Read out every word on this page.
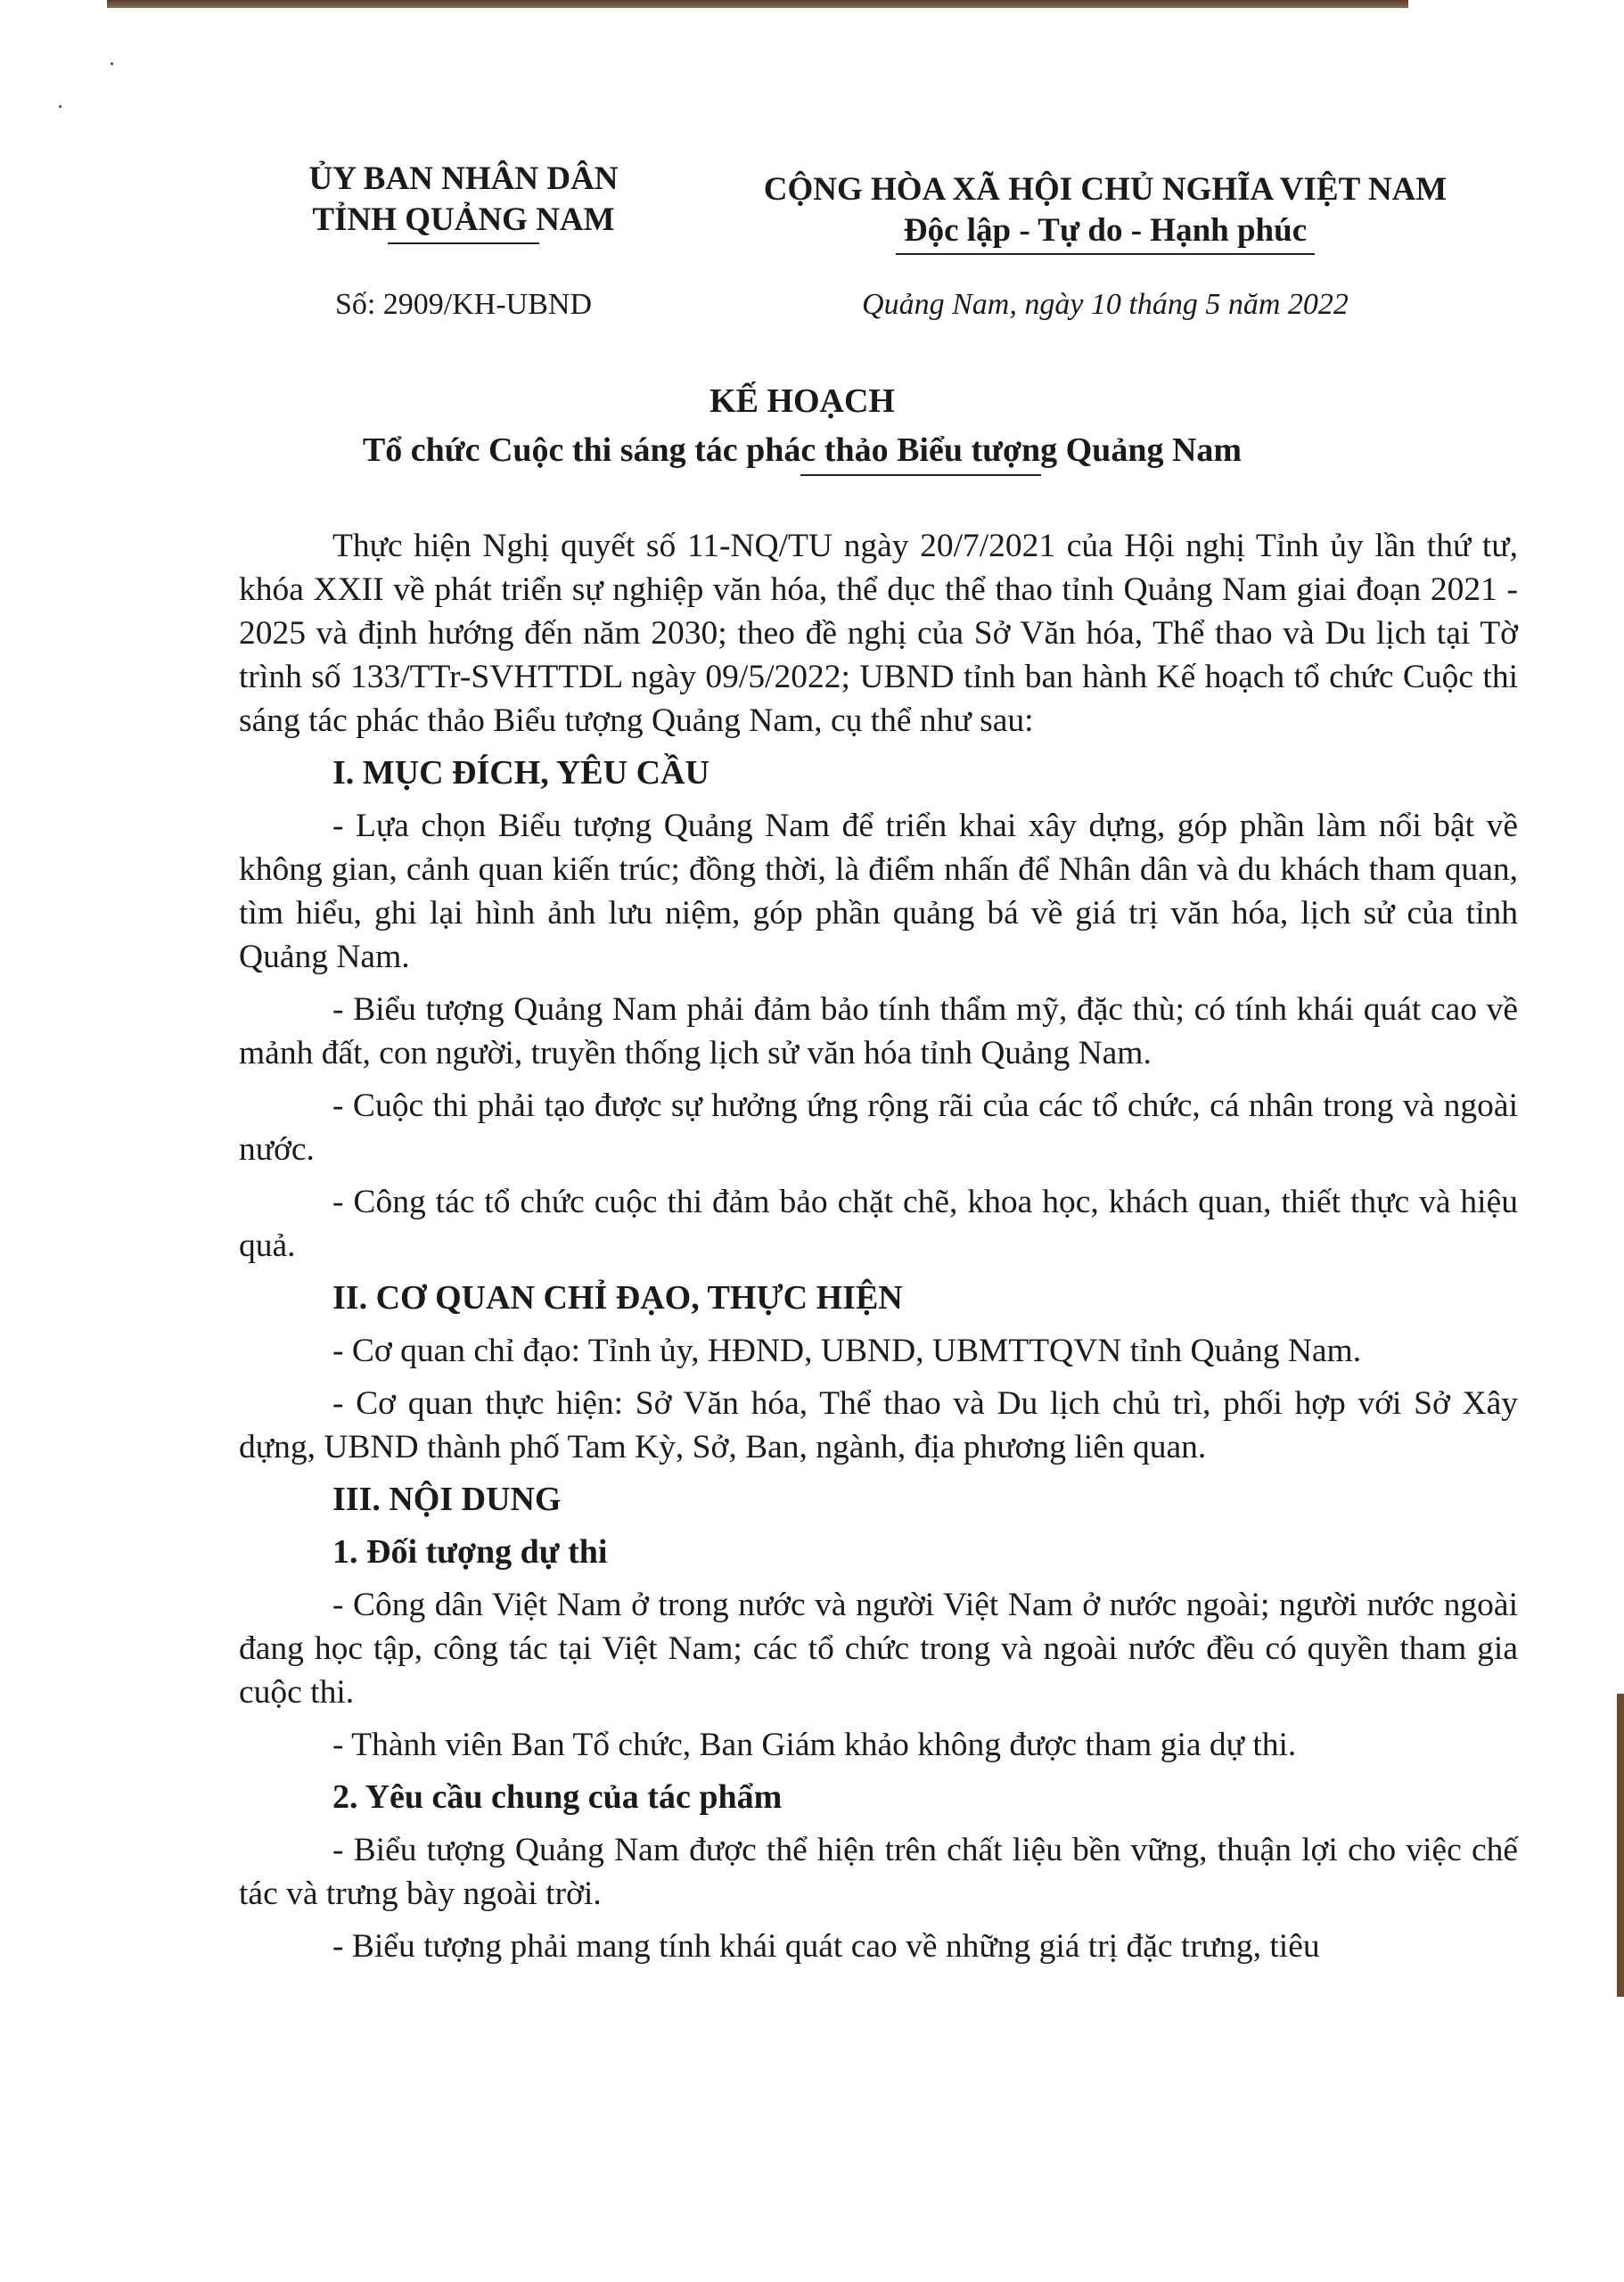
ỦY BAN NHÂN DÂN
TỈNH QUẢNG NAM
Số: 2909/KH-UBND
CỘNG HÒA XÃ HỘI CHỦ NGHĨA VIỆT NAM
Độc lập - Tự do - Hạnh phúc
Quảng Nam, ngày 10 tháng 5 năm 2022
KẾ HOẠCH
Tổ chức Cuộc thi sáng tác phác thảo Biểu tượng Quảng Nam

Thực hiện Nghị quyết số 11-NQ/TU ngày 20/7/2021 của Hội nghị Tỉnh ủy lần thứ tư, khóa XXII về phát triển sự nghiệp văn hóa, thể dục thể thao tỉnh Quảng Nam giai đoạn 2021 - 2025 và định hướng đến năm 2030; theo đề nghị của Sở Văn hóa, Thể thao và Du lịch tại Tờ trình số 133/TTr-SVHTTDL ngày 09/5/2022; UBND tỉnh ban hành Kế hoạch tổ chức Cuộc thi sáng tác phác thảo Biểu tượng Quảng Nam, cụ thể như sau:

I. MỤC ĐÍCH, YÊU CẦU

- Lựa chọn Biểu tượng Quảng Nam để triển khai xây dựng, góp phần làm nổi bật về không gian, cảnh quan kiến trúc; đồng thời, là điểm nhấn để Nhân dân và du khách tham quan, tìm hiểu, ghi lại hình ảnh lưu niệm, góp phần quảng bá về giá trị văn hóa, lịch sử của tỉnh Quảng Nam.

- Biểu tượng Quảng Nam phải đảm bảo tính thẩm mỹ, đặc thù; có tính khái quát cao về mảnh đất, con người, truyền thống lịch sử văn hóa tỉnh Quảng Nam.

- Cuộc thi phải tạo được sự hưởng ứng rộng rãi của các tổ chức, cá nhân trong và ngoài nước.

- Công tác tổ chức cuộc thi đảm bảo chặt chẽ, khoa học, khách quan, thiết thực và hiệu quả.

II. CƠ QUAN CHỈ ĐẠO, THỰC HIỆN

- Cơ quan chỉ đạo: Tỉnh ủy, HĐND, UBND, UBMTTQVN tỉnh Quảng Nam.

- Cơ quan thực hiện: Sở Văn hóa, Thể thao và Du lịch chủ trì, phối hợp với Sở Xây dựng, UBND thành phố Tam Kỳ, Sở, Ban, ngành, địa phương liên quan.

III. NỘI DUNG
1. Đối tượng dự thi

- Công dân Việt Nam ở trong nước và người Việt Nam ở nước ngoài; người nước ngoài đang học tập, công tác tại Việt Nam; các tổ chức trong và ngoài nước đều có quyền tham gia cuộc thi.

- Thành viên Ban Tổ chức, Ban Giám khảo không được tham gia dự thi.

2. Yêu cầu chung của tác phẩm

- Biểu tượng Quảng Nam được thể hiện trên chất liệu bền vững, thuận lợi cho việc chế tác và trưng bày ngoài trời.

- Biểu tượng phải mang tính khái quát cao về những giá trị đặc trưng, tiêu
